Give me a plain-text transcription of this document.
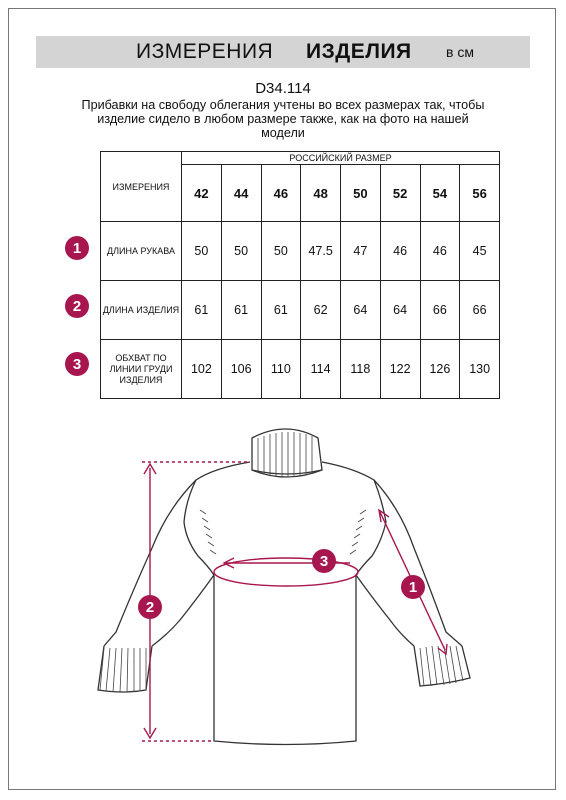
ИЗМЕРЕНИЯ ИЗДЕЛИЯ в см
D34.114
Прибавки на свободу облегания учтены во всех размерах так, чтобы изделие сидело в любом размере также, как на фото на нашей модели
ИЗМЕРЕНИЯ	РОССИЙСКИЙ РАЗМЕР							
	42	44	46	48	50	52	54	56
ДЛИНА РУКАВА	50	50	50	47.5	47	46	46	45
ДЛИНА ИЗДЕЛИЯ	61	61	61	62	64	64	66	66
ОБХВАТ ПО ЛИНИИ ГРУДИ ИЗДЕЛИЯ	102	106	110	114	118	122	126	130
1
2
3
3
2
1
